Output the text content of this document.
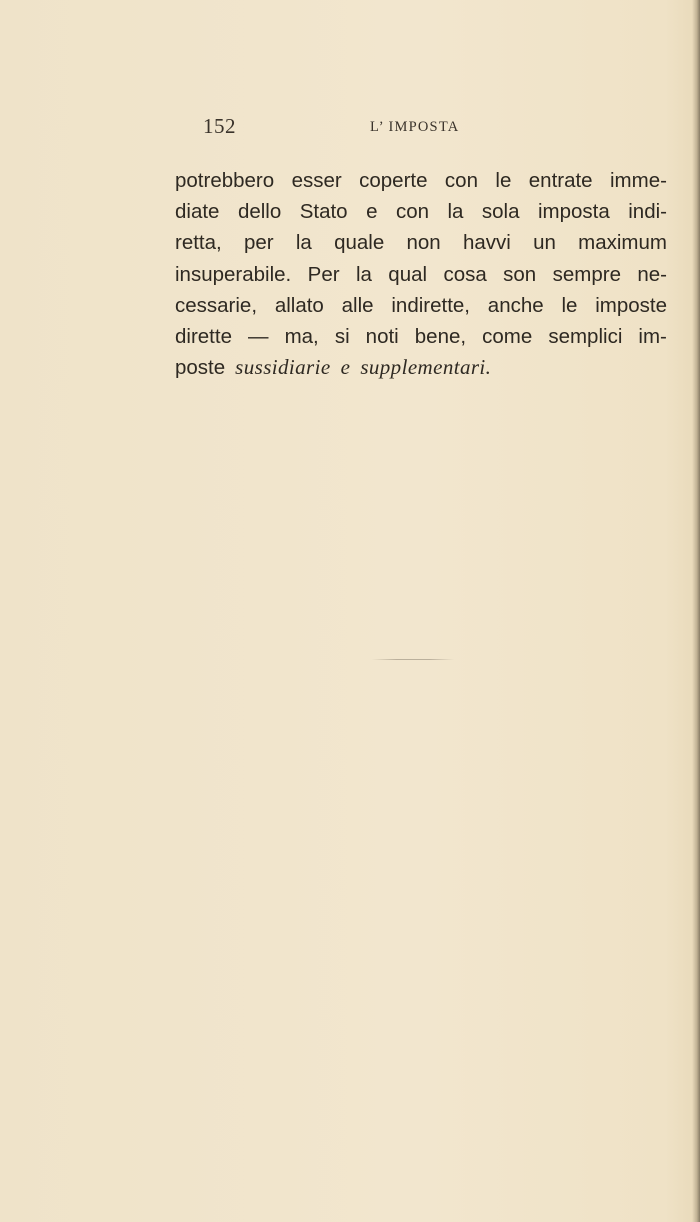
152	L’ IMPOSTA
potrebbero esser coperte con le entrate imme-
diate dello Stato e con la sola imposta indi-
retta, per la quale non havvi un maximum
insuperabile. Per la qual cosa son sempre ne-
cessarie, allato alle indirette, anche le imposte
dirette — ma, si noti bene, come semplici im-
poste sussidiarie e supplementari.
